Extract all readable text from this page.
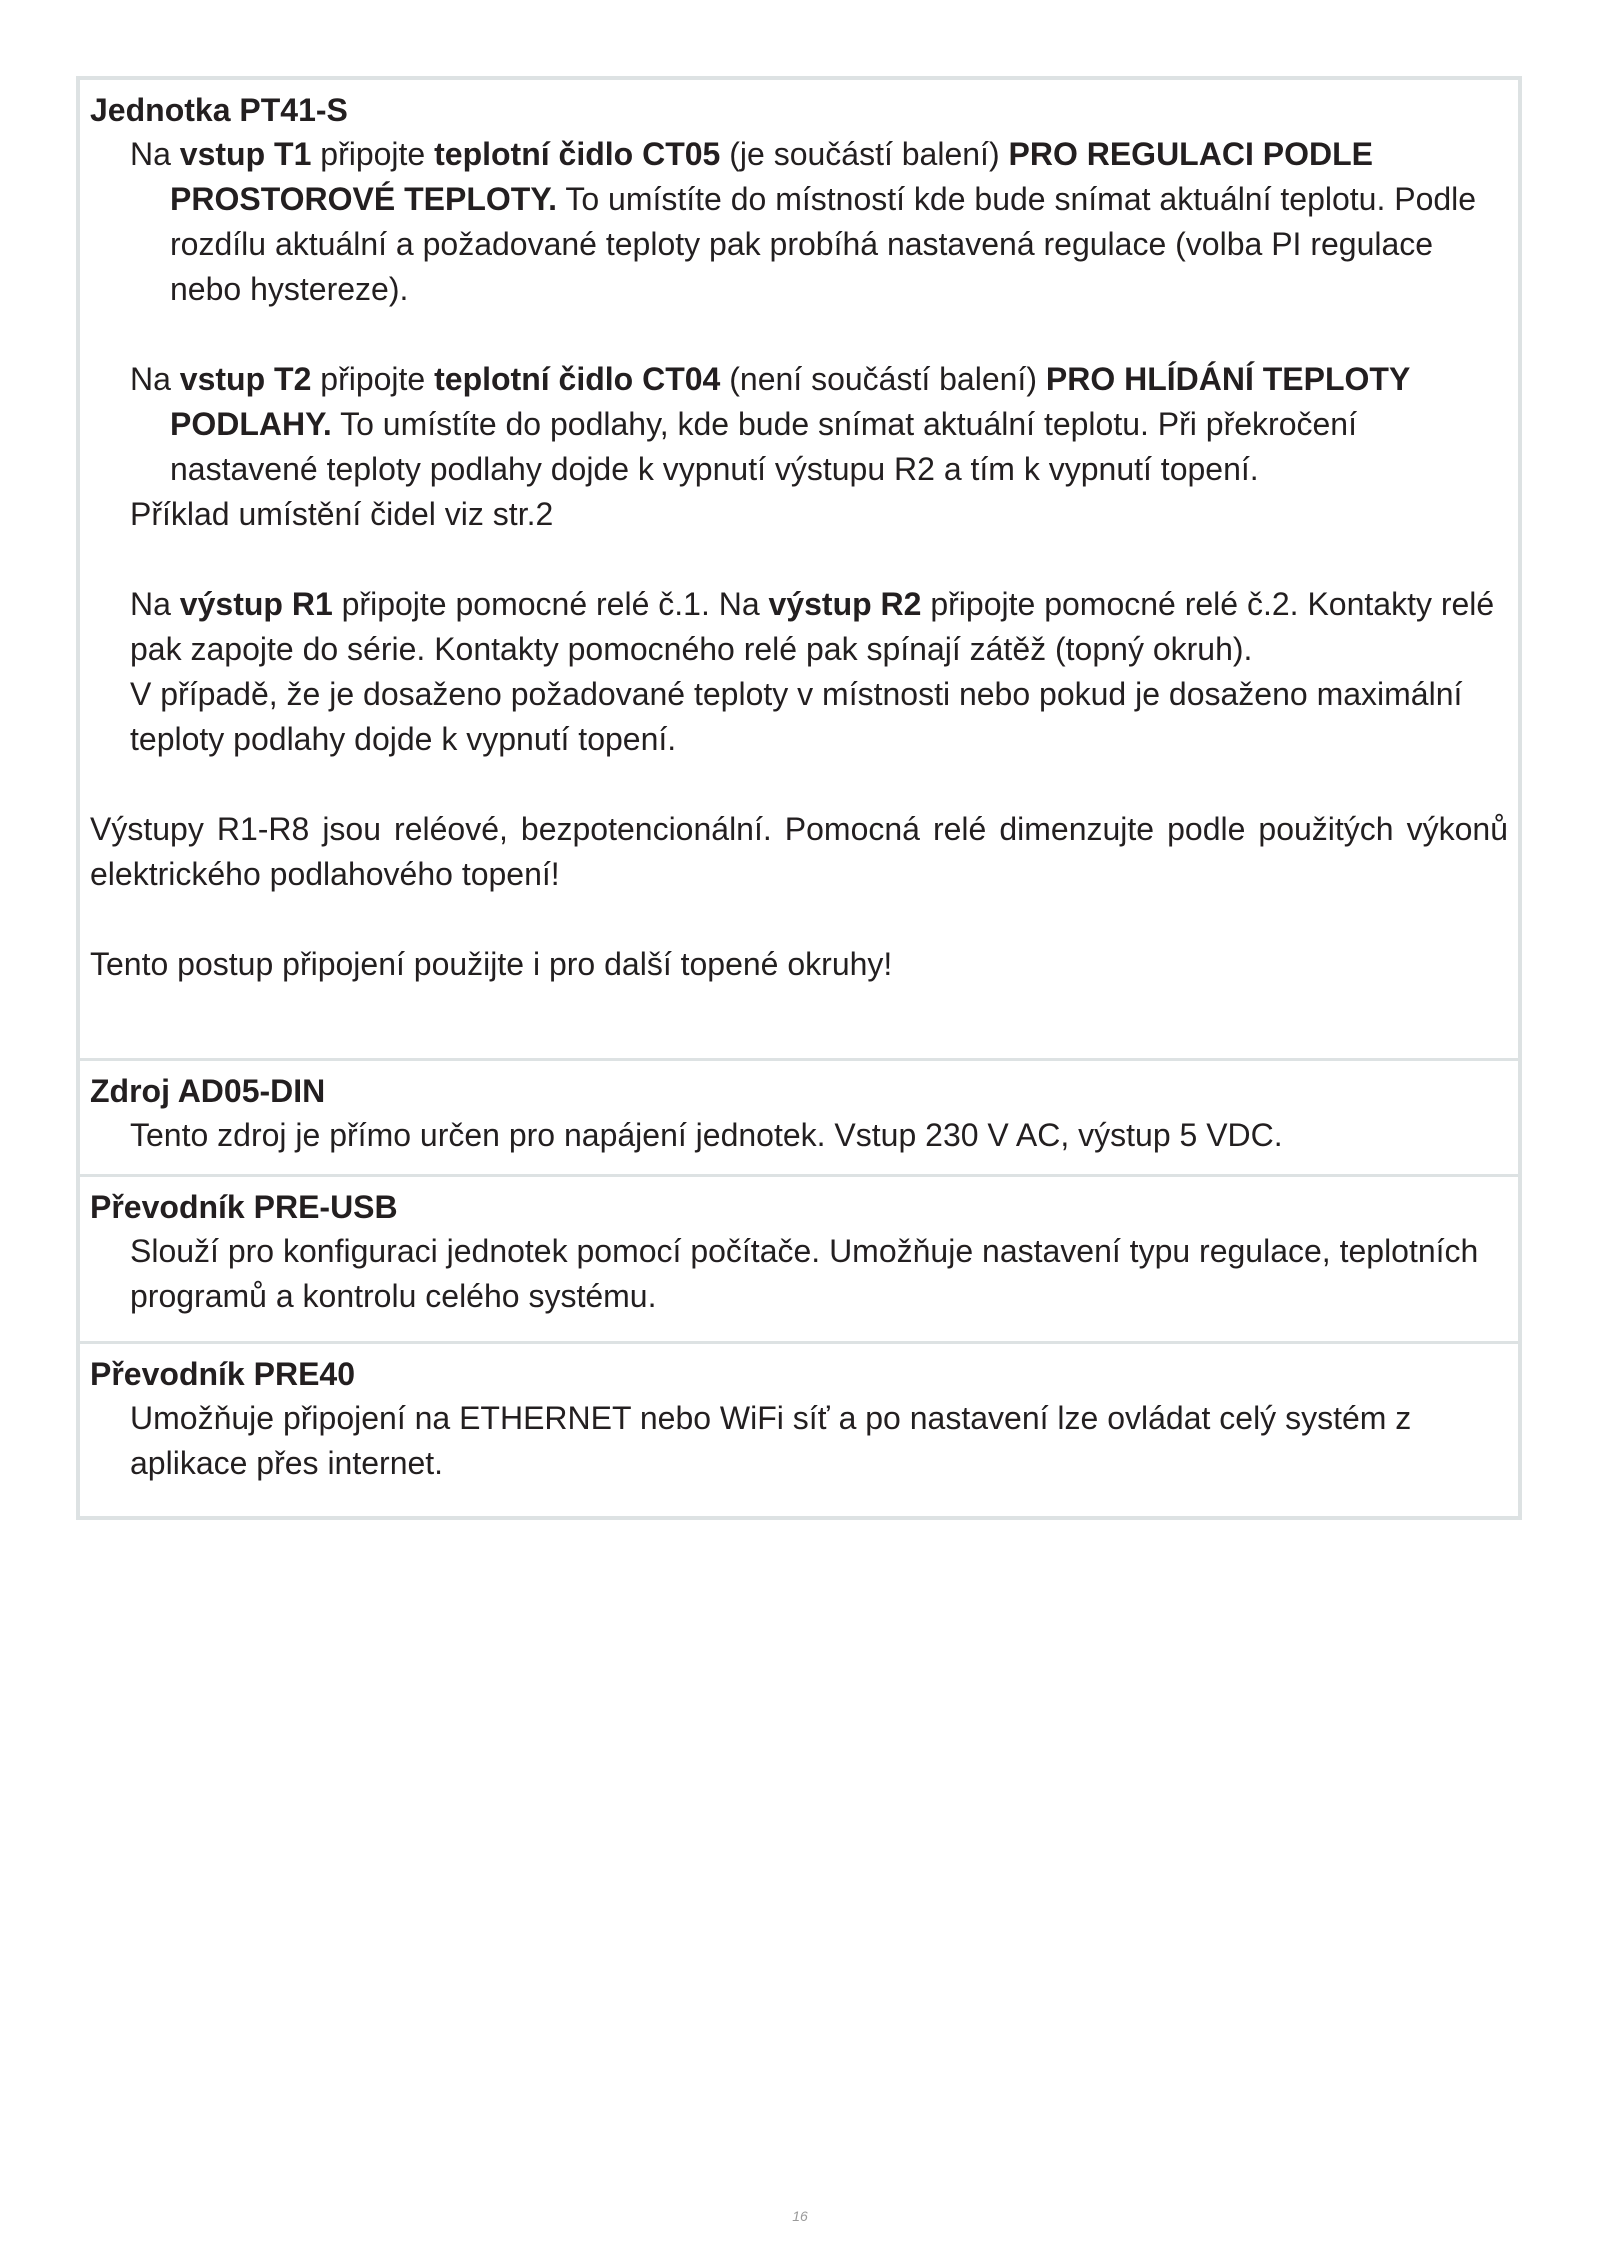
Jednotka PT41-S

Na vstup T1 připojte teplotní čidlo CT05 (je součástí balení) PRO REGULACI PODLE PROSTOROVÉ TEPLOTY. To umístíte do místností kde bude snímat aktuální teplotu. Podle rozdílu aktuální a požadované teploty pak probíhá nastavená regulace (volba PI regulace nebo hystereze).

Na vstup T2 připojte teplotní čidlo CT04 (není součástí balení) PRO HLÍDÁNÍ TEPLOTY PODLAHY. To umístíte do podlahy, kde bude snímat aktuální teplotu. Při překročení nastavené teploty podlahy dojde k vypnutí výstupu R2 a tím k vypnutí topení.

Příklad umístění čidel viz str.2

Na výstup R1 připojte pomocné relé č.1. Na výstup R2 připojte pomocné relé č.2. Kontakty relé pak zapojte do série. Kontakty pomocného relé pak spínají zátěž (topný okruh).

V případě, že je dosaženo požadované teploty v místnosti nebo pokud je dosaženo maximální teploty podlahy dojde k vypnutí topení.

Výstupy R1-R8 jsou reléové, bezpotencionální. Pomocná relé dimenzujte podle použitých výkonů elektrického podlahového topení!

Tento postup připojení použijte i pro další topené okruhy!

Zdroj AD05-DIN

Tento zdroj je přímo určen pro napájení jednotek. Vstup 230 V AC, výstup 5 VDC.

Převodník PRE-USB

Slouží pro konfiguraci jednotek pomocí počítače. Umožňuje nastavení typu regulace, teplotních programů a kontrolu celého systému.

Převodník PRE40

Umožňuje připojení na ETHERNET nebo WiFi síť a po nastavení lze ovládat celý systém z aplikace přes internet.

16
